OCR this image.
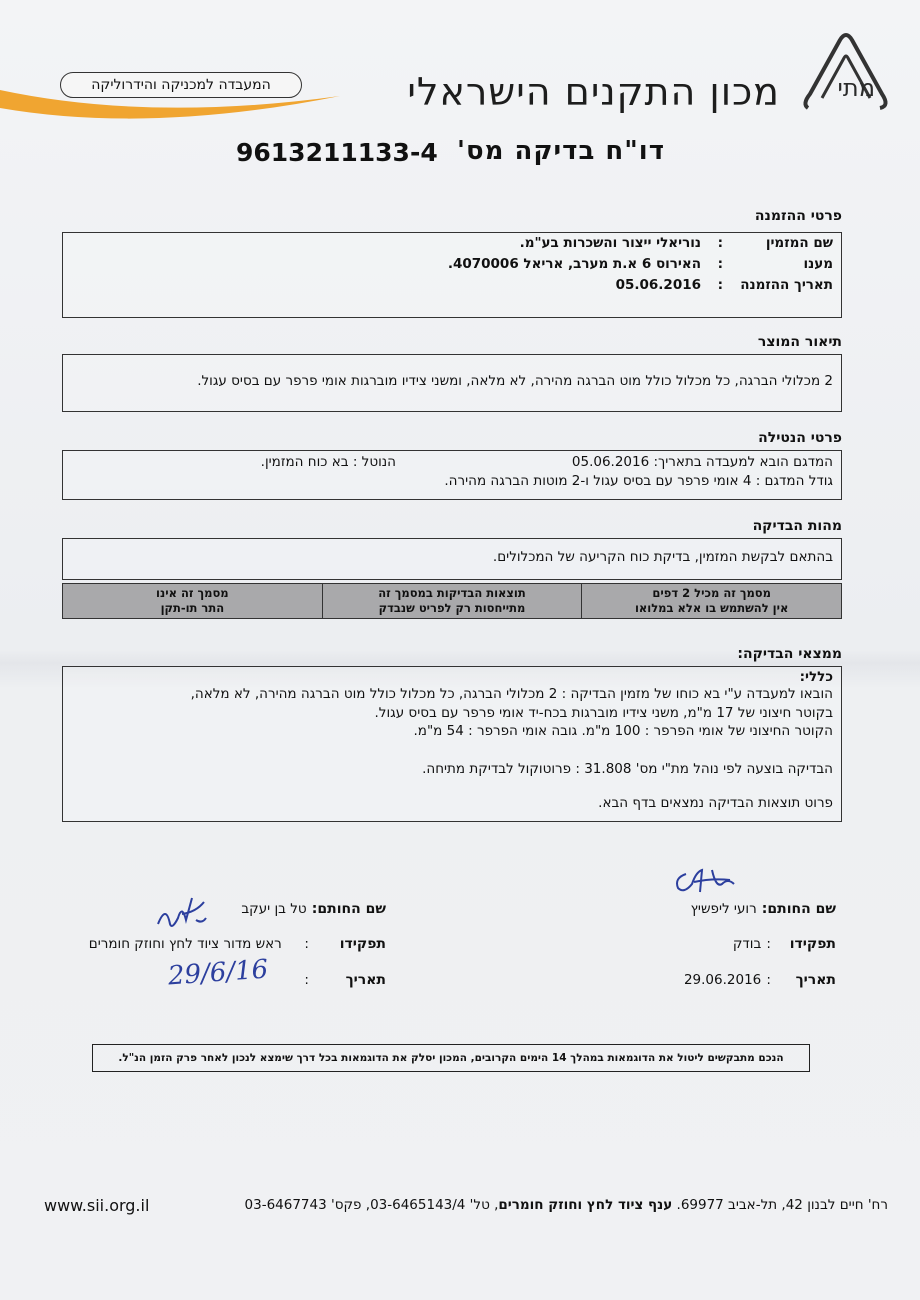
מתי
מכון התקנים הישראלי
המעבדה למכניקה והידרוליקה
דו"ח בדיקה מס'
9613211133-4
פרטי ההזמנה
שם המזמין:נוריאלי ייצור והשכרות בע"מ.
מענו:האירוס 6 א.ת מערב, אריאל 4070006.
תאריך ההזמנה:05.06.2016
תיאור המוצר
2 מכלולי הברגה, כל מכלול כולל מוט הברגה מהירה, לא מלאה, ומשני צידיו מוברגות אומי פרפר עם בסיס עגול.
פרטי הנטילה
המדגם הובא למעבדה בתאריך: 05.06.2016
הנוטל : בא כוח המזמין.
גודל המדגם : 4 אומי פרפר עם בסיס עגול ו-2 מוטות הברגה מהירה.
מהות הבדיקה
בהתאם לבקשת המזמין, בדיקת כוח הקריעה של המכלולים.
מסמך זה מכיל 2 דפים
אין להשתמש בו אלא במלואו
תוצאות הבדיקות במסמך זה
מתייחסות רק לפריט שנבדק
מסמך זה אינו
התר תו-תקן
ממצאי הבדיקה:
כללי:
הובאו למעבדה ע"י בא כוחו של מזמין הבדיקה : 2 מכלולי הברגה, כל מכלול כולל מוט הברגה מהירה, לא מלאה,
בקוטר חיצוני של 17 מ"מ, משני צידיו מוברגות בכח-יד אומי פרפר עם בסיס עגול.
הקוטר החיצוני של אומי הפרפר : 100 מ"מ. גובה אומי הפרפר : 54 מ"מ.
הבדיקה בוצעה לפי נוהל מת"י מס' 31.808 : פרוטוקול לבדיקת מתיחה.
פרוט תוצאות הבדיקה נמצאים בדף הבא.
שם החותם: רועי ליפשיץ
תפקידו : בודק
תאריך : 29.06.2016
שם החותם: טל בן יעקב
תפקידו : ראש מדור ציוד לחץ וחוזק חומרים
תאריך :
29/6/16
הנכם מתבקשים ליטול את הדוגמאות במהלך 14 הימים הקרובים, המכון יסלק את הדוגמאות בכל דרך שימצא לנכון לאחר פרק הזמן הנ"ל.
רח' חיים לבנון 42, תל-אביב 69977. ענף ציוד לחץ וחוזק חומרים, טל' 03-6465143/4, פקס' 03-6467743
www.sii.org.il
